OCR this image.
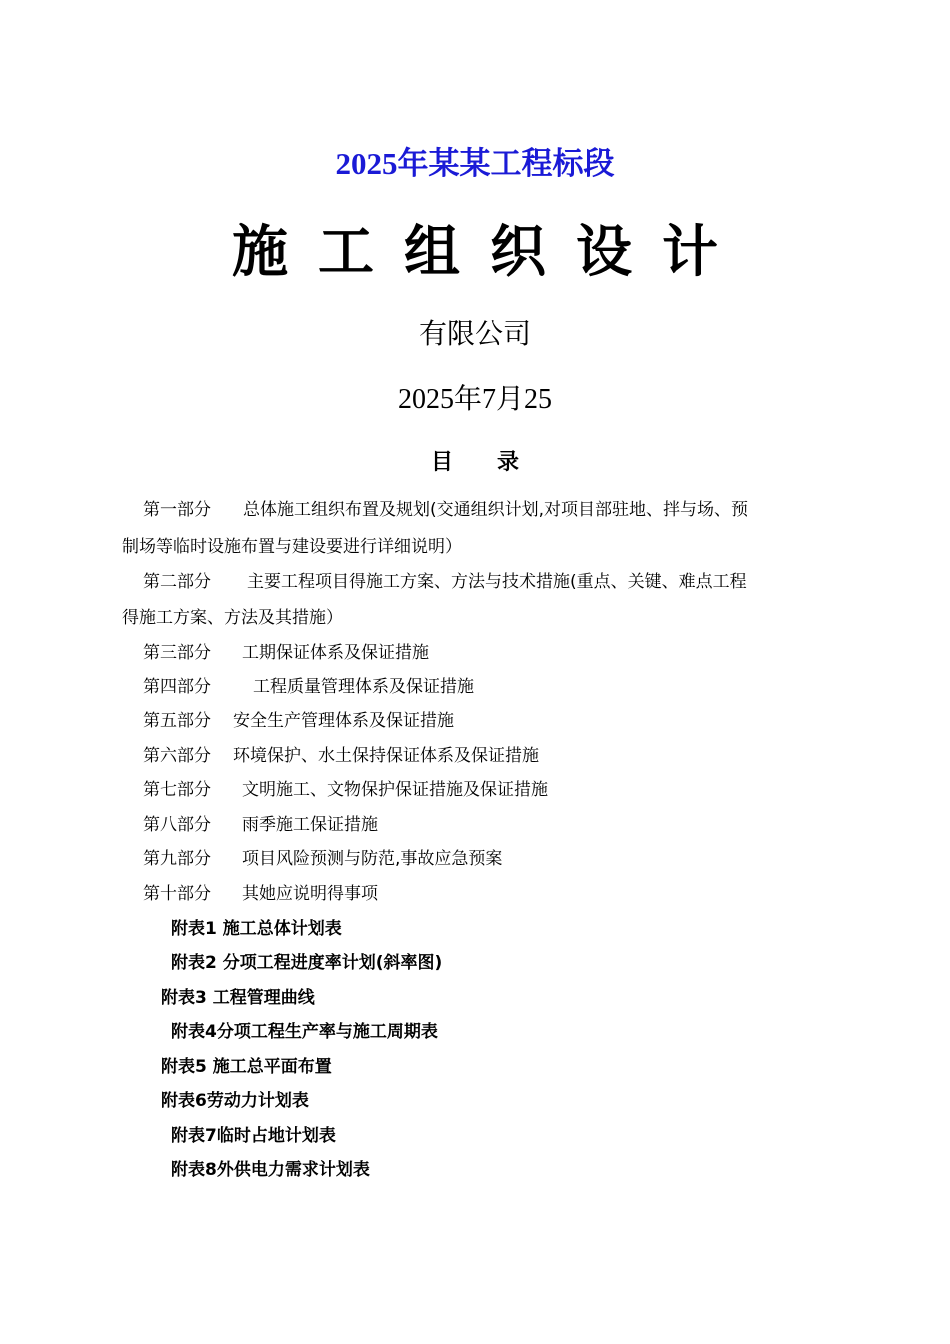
2025年某某工程标段
施工组织设计
有限公司
2025年7月25
目 录
第一部分 总体施工组织布置及规划(交通组织计划,对项目部驻地、拌与场、预
制场等临时设施布置与建设要进行详细说明）
第二部分 主要工程项目得施工方案、方法与技术措施(重点、关键、难点工程
得施工方案、方法及其措施）
第三部分 工期保证体系及保证措施
第四部分 工程质量管理体系及保证措施
第五部分 安全生产管理体系及保证措施
第六部分 环境保护、水土保持保证体系及保证措施
第七部分 文明施工、文物保护保证措施及保证措施
第八部分 雨季施工保证措施
第九部分 项目风险预测与防范,事故应急预案
第十部分 其她应说明得事项
附表1 施工总体计划表
附表2 分项工程进度率计划(斜率图)
附表3 工程管理曲线
附表4分项工程生产率与施工周期表
附表5 施工总平面布置
附表6劳动力计划表
附表7临时占地计划表
附表8外供电力需求计划表
